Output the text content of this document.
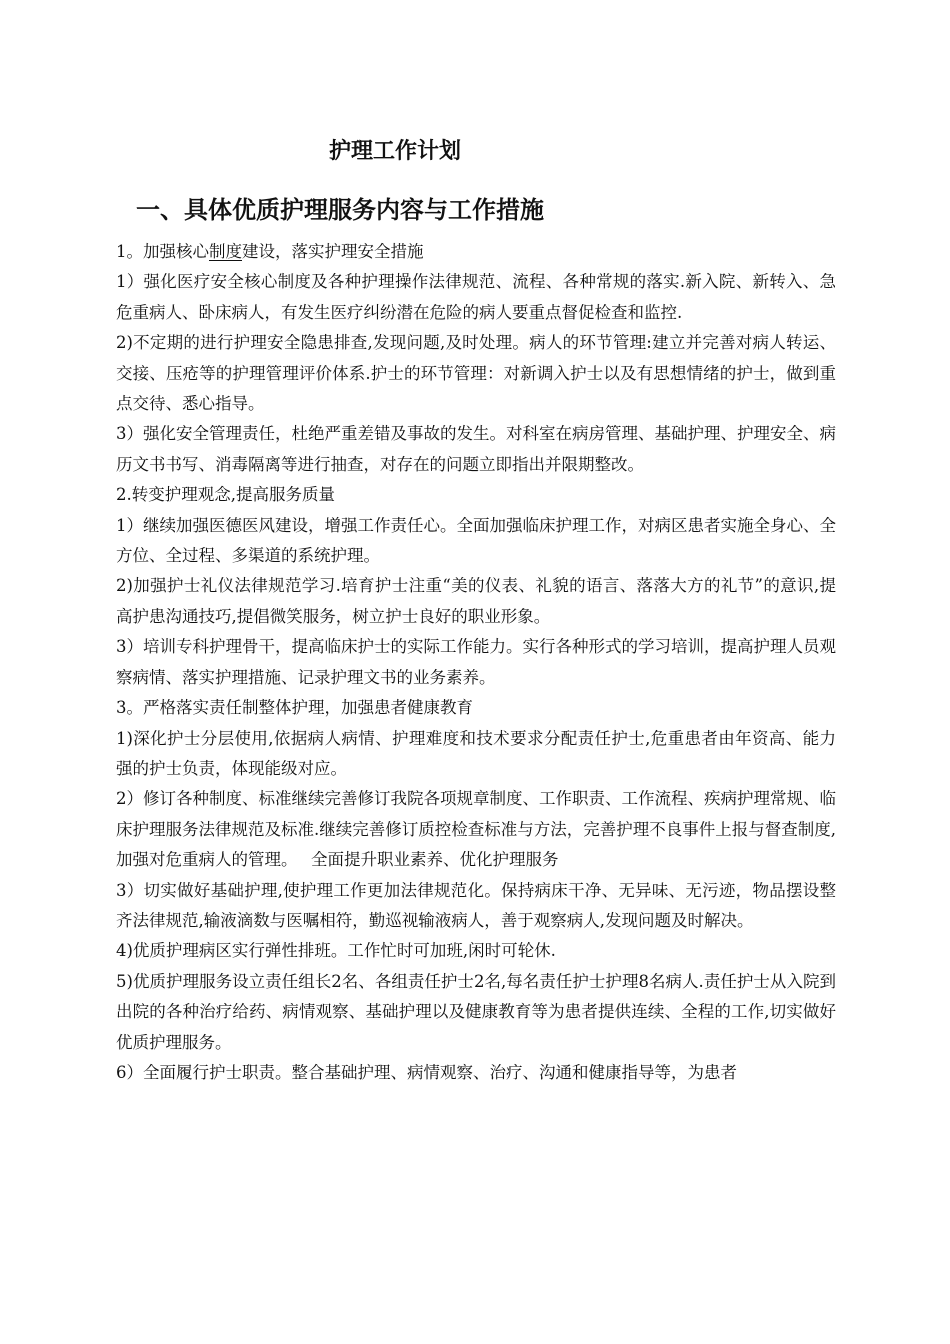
护理工作计划
一、具体优质护理服务内容与工作措施

1。加强核心制度建设，落实护理安全措施

1）强化医疗安全核心制度及各种护理操作法律规范、流程、各种常规的落实.新入院、新转入、急危重病人、卧床病人，有发生医疗纠纷潜在危险的病人要重点督促检查和监控.

2)不定期的进行护理安全隐患排查,发现问题,及时处理。病人的环节管理:建立并完善对病人转运、交接、压疮等的护理管理评价体系.护士的环节管理：对新调入护士以及有思想情绪的护士，做到重点交待、悉心指导。

3）强化安全管理责任，杜绝严重差错及事故的发生。对科室在病房管理、基础护理、护理安全、病历文书书写、消毒隔离等进行抽查，对存在的问题立即指出并限期整改。

2.转变护理观念,提高服务质量

1）继续加强医德医风建设，增强工作责任心。全面加强临床护理工作，对病区患者实施全身心、全方位、全过程、多渠道的系统护理。

2)加强护士礼仪法律规范学习.培育护士注重“美的仪表、礼貌的语言、落落大方的礼节”的意识,提高护患沟通技巧,提倡微笑服务，树立护士良好的职业形象。

3）培训专科护理骨干，提高临床护士的实际工作能力。实行各种形式的学习培训，提高护理人员观察病情、落实护理措施、记录护理文书的业务素养。

3。严格落实责任制整体护理，加强患者健康教育

1)深化护士分层使用,依据病人病情、护理难度和技术要求分配责任护士,危重患者由年资高、能力强的护士负责，体现能级对应。

2）修订各种制度、标准继续完善修订我院各项规章制度、工作职责、工作流程、疾病护理常规、临床护理服务法律规范及标准.继续完善修订质控检查标准与方法，完善护理不良事件上报与督查制度,加强对危重病人的管理。　 全面提升职业素养、优化护理服务

3）切实做好基础护理,使护理工作更加法律规范化。保持病床干净、无异味、无污迹，物品摆设整齐法律规范,输液滴数与医嘱相符，勤巡视输液病人，善于观察病人,发现问题及时解决。

4)优质护理病区实行弹性排班。工作忙时可加班,闲时可轮休.

5)优质护理服务设立责任组长2名、各组责任护士2名,每名责任护士护理8名病人.责任护士从入院到出院的各种治疗给药、病情观察、基础护理以及健康教育等为患者提供连续、全程的工作,切实做好优质护理服务。

6）全面履行护士职责。整合基础护理、病情观察、治疗、沟通和健康指导等，为患者
